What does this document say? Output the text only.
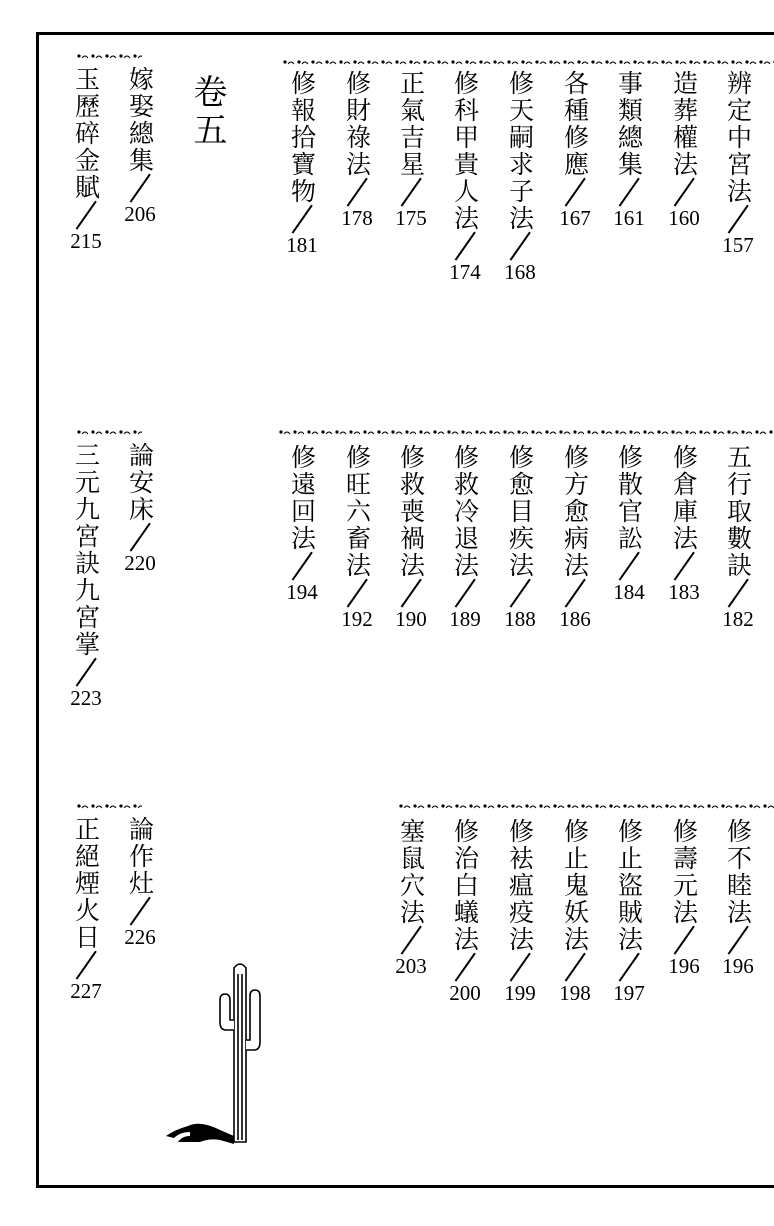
卷五	辨定中宮法
157
造葬權法
160
事類總集
161
各種修應
167
修天嗣求子法
168
修科甲貴人法
174
正氣吉星
175
修財祿法
178
修報拾寶物
181
嫁娶總集
206
玉歷碎金賦
215
五行取數訣
182
修倉庫法
183
修散官訟
184
修方愈病法
186
修愈目疾法
188
修救冷退法
189
修救喪禍法
190
修旺六畜法
192
修遠回法
194
論安床
220
三元九宮訣九宮掌
223
修不睦法
196
修壽元法
196
修止盜賊法
197
修止鬼妖法
198
修袪瘟疫法
199
修治白蟻法
200
塞鼠穴法
203
論作灶
226
正絕煙火日
227
